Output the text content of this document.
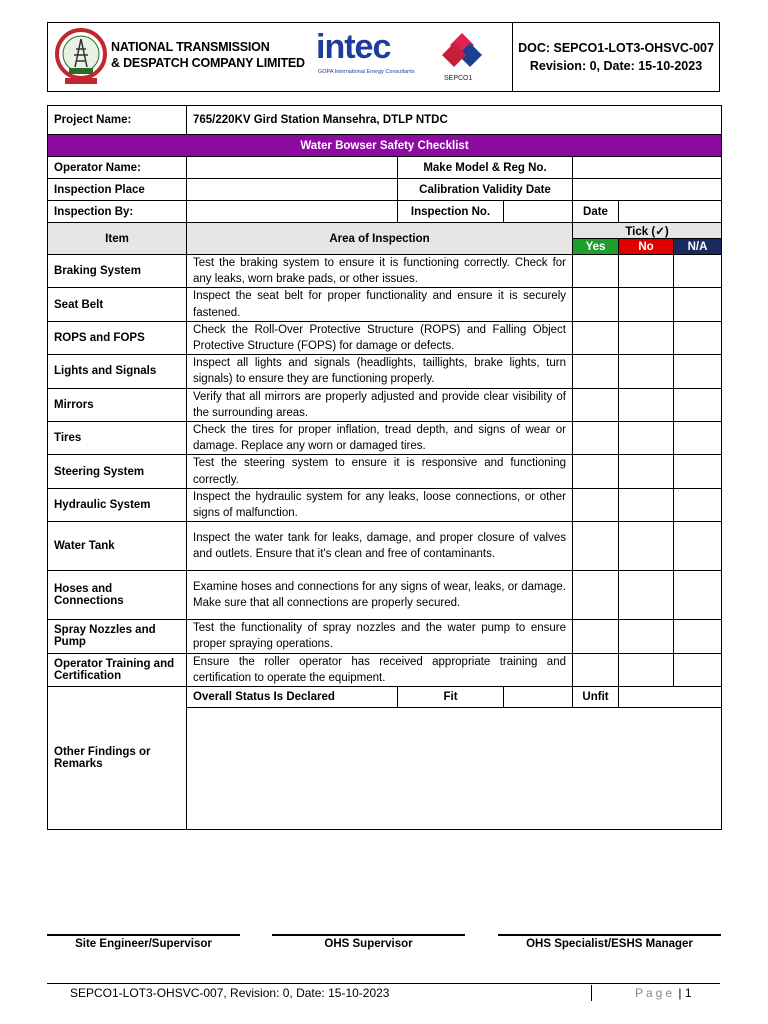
NATIONAL TRANSMISSION
& DESPATCH COMPANY LIMITED intec
GOPA International Energy Consultants
SEPCO1
DOC: SEPCO1-LOT3-OHSVC-007
Revision: 0, Date: 15-10-2023
Project Name:	765/220KV Gird Station Mansehra, DTLP NTDC					
Water Bowser Safety Checklist						
Operator Name:		Make Model & Reg No.				
Inspection Place		Calibration Validity Date				
Inspection By:		Inspection No.		Date		
Item	Area of Inspection			Tick (✓)		
				Yes	No	N/A
Braking System	Test the braking system to ensure it is functioning correctly. Check for any leaks, worn brake pads, or other issues.					
Seat Belt	Inspect the seat belt for proper functionality and ensure it is securely fastened.					
ROPS and FOPS	Check the Roll-Over Protective Structure (ROPS) and Falling Object Protective Structure (FOPS) for damage or defects.					
Lights and Signals	Inspect all lights and signals (headlights, taillights, brake lights, turn signals) to ensure they are functioning properly.					
Mirrors	Verify that all mirrors are properly adjusted and provide clear visibility of the surrounding areas.					
Tires	Check the tires for proper inflation, tread depth, and signs of wear or damage. Replace any worn or damaged tires.					
Steering System	Test the steering system to ensure it is responsive and functioning correctly.					
Hydraulic System	Inspect the hydraulic system for any leaks, loose connections, or other signs of malfunction.					
Water Tank	Inspect the water tank for leaks, damage, and proper closure of valves and outlets. Ensure that it's clean and free of contaminants.					
Hoses and Connections	Examine hoses and connections for any signs of wear, leaks, or damage. Make sure that all connections are properly secured.					
Spray Nozzles and Pump	Test the functionality of spray nozzles and the water pump to ensure proper spraying operations.					
Operator Training and Certification	Ensure the roller operator has received appropriate training and certification to operate the equipment.					
Other Findings or Remarks	Overall Status Is Declared	Fit		Unfit		

Site Engineer/Supervisor	OHS Supervisor	OHS Specialist/ESHS Manager
SEPCO1-LOT3-OHSVC-007, Revision: 0, Date: 15-10-2023	Page | 1
